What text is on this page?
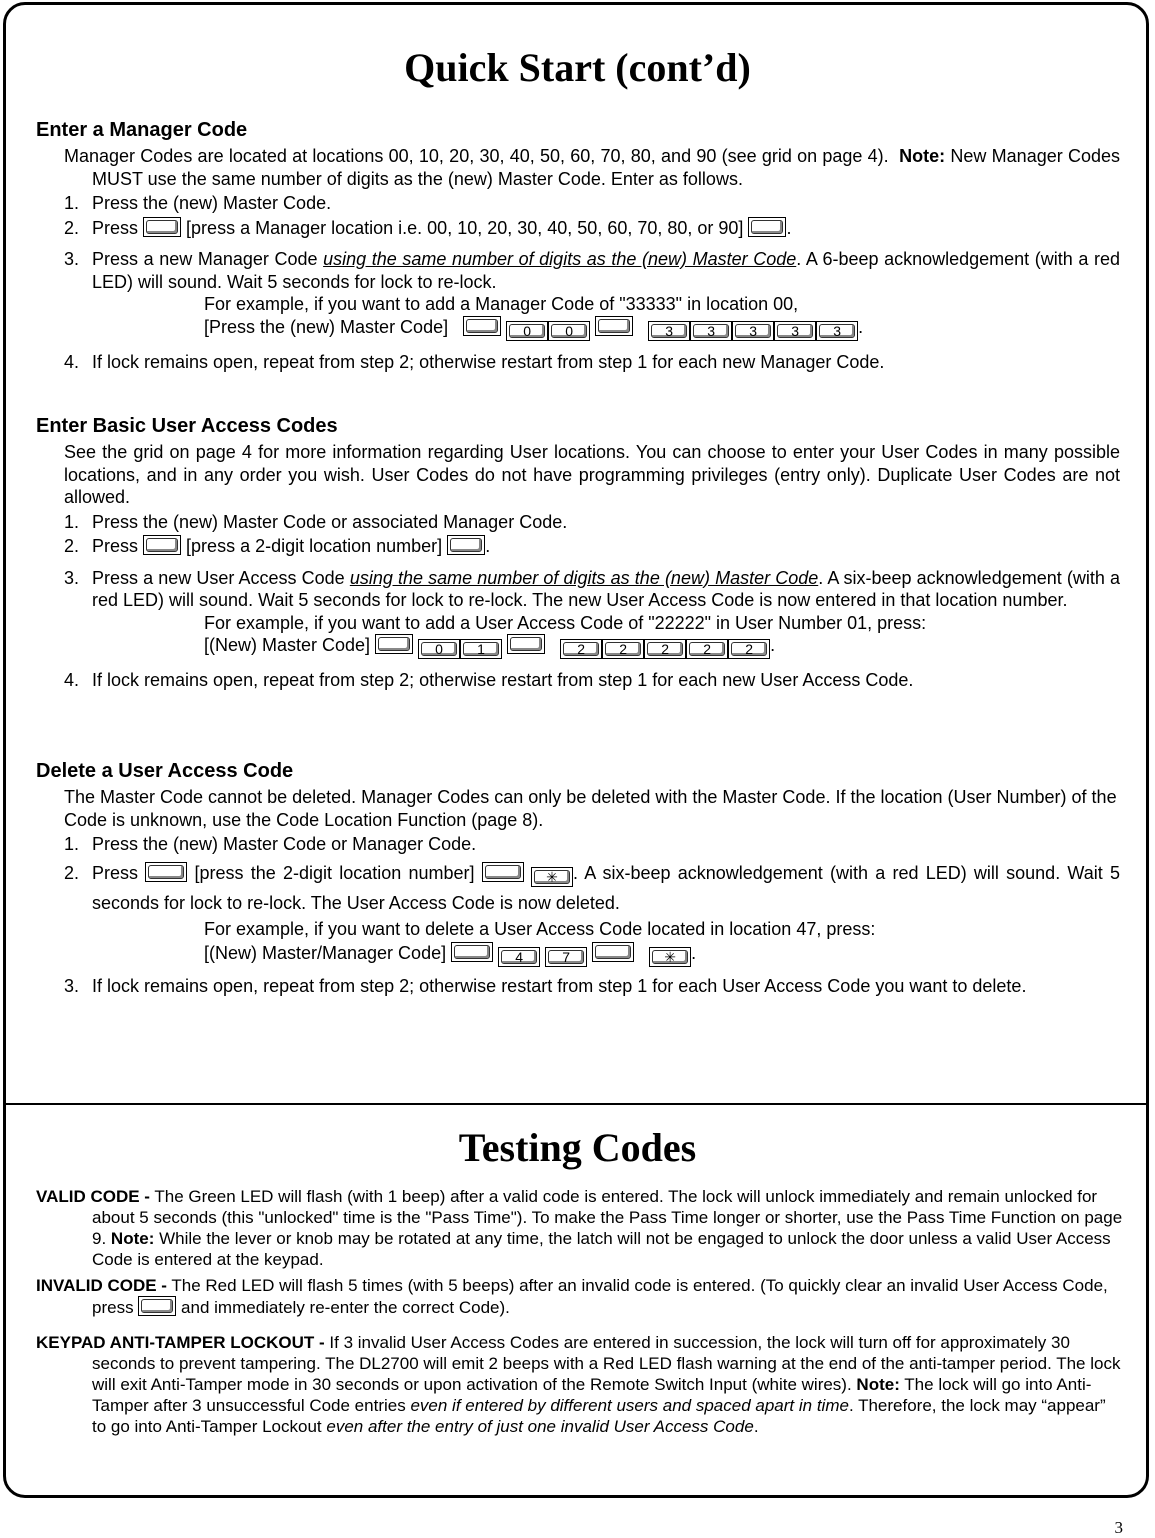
Quick Start (cont’d)

Enter a Manager Code

Manager Codes are located at locations 00, 10, 20, 30, 40, 50, 60, 70, 80, and 90 (see grid on page 4). Note: New Manager Codes MUST use the same number of digits as the (new) Master Code. Enter as follows.
1. Press the (new) Master Code.
2. Press	[press a Manager location i.e. 00, 10, 20, 30, 40, 50, 60, 70, 80, or 90] .
3. Press a new Manager Code using the same number of digits as the (new) Master Code. A 6-beep acknowledgement (with a red LED) will sound. Wait 5 seconds for lock to re-lock.
For example, if you want to add a Manager Code of "33333" in location 00,
[Press the (new) Master Code]	0 0	3 3 3 3 3 .
4. If lock remains open, repeat from step 2; otherwise restart from step 1 for each new Manager Code.

Enter Basic User Access Codes

See the grid on page 4 for more information regarding User locations. You can choose to enter your User Codes in many possible locations, and in any order you wish. User Codes do not have programming privileges (entry only). Duplicate User Codes are not allowed.
1. Press the (new) Master Code or associated Manager Code.
2. Press	[press a 2-digit location number] .
3. Press a new User Access Code using the same number of digits as the (new) Master Code. A six-beep acknowledgement (with a red LED) will sound. Wait 5 seconds for lock to re-lock. The new User Access Code is now entered in that location number.
For example, if you want to add a User Access Code of "22222" in User Number 01, press:
[(New) Master Code]	0 1	2 2 2 2 2 .
4. If lock remains open, repeat from step 2; otherwise restart from step 1 for each new User Access Code.

Delete a User Access Code

The Master Code cannot be deleted. Manager Codes can only be deleted with the Master Code. If the location (User Number) of the Code is unknown, use the Code Location Function (page 8).
1. Press the (new) Master Code or Manager Code.
2. Press	[press the 2-digit location number]	✳ . A six-beep acknowledgement (with a red LED) will sound. Wait 5 seconds for lock to re-lock. The User Access Code is now deleted.
For example, if you want to delete a User Access Code located in location 47, press:
[(New) Master/Manager Code]	4	7	✳ .
3. If lock remains open, repeat from step 2; otherwise restart from step 1 for each User Access Code you want to delete.
Testing Codes

VALID CODE - The Green LED will flash (with 1 beep) after a valid code is entered. The lock will unlock immediately and remain unlocked for about 5 seconds (this "unlocked" time is the "Pass Time"). To make the Pass Time longer or shorter, use the Pass Time Function on page 9. Note: While the lever or knob may be rotated at any time, the latch will not be engaged to unlock the door unless a valid User Access Code is entered at the keypad.

INVALID CODE - The Red LED will flash 5 times (with 5 beeps) after an invalid code is entered. (To quickly clear an invalid User Access Code, press	and immediately re-enter the correct Code).

KEYPAD ANTI-TAMPER LOCKOUT - If 3 invalid User Access Codes are entered in succession, the lock will turn off for approximately 30 seconds to prevent tampering. The DL2700 will emit 2 beeps with a Red LED flash warning at the end of the anti-tamper period. The lock will exit Anti-Tamper mode in 30 seconds or upon activation of the Remote Switch Input (white wires). Note: The lock will go into Anti-Tamper after 3 unsuccessful Code entries even if entered by different users and spaced apart in time. Therefore, the lock may “appear” to go into Anti-Tamper Lockout even after the entry of just one invalid User Access Code.

3
